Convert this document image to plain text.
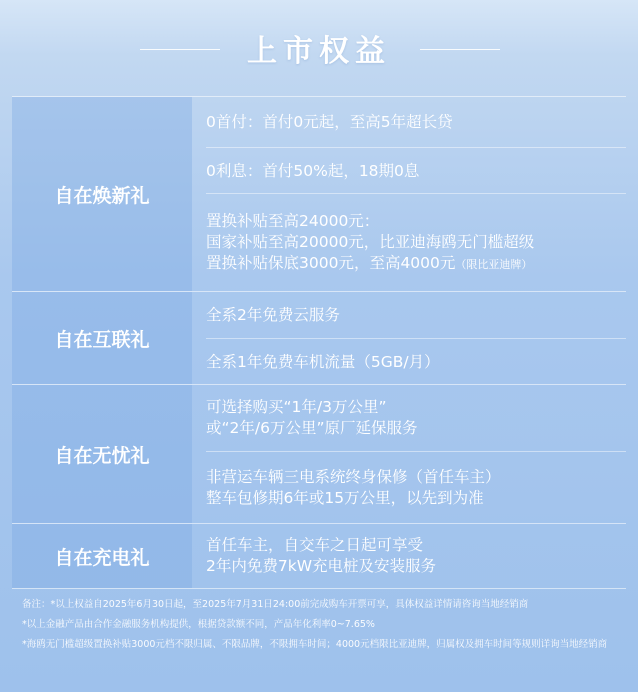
上市权益
自在焕新礼
0首付：首付0元起，至高5年超长贷
0利息：首付50%起，18期0息
置换补贴至高24000元：
国家补贴至高20000元，比亚迪海鸥无门槛超级
置换补贴保底3000元，至高4000元（限比亚迪牌）
自在互联礼
全系2年免费云服务
全系1年免费车机流量（5GB/月）
自在无忧礼
可选择购买“1年/3万公里”
或“2年/6万公里”原厂延保服务
非营运车辆三电系统终身保修（首任车主）
整车包修期6年或15万公里，以先到为准
自在充电礼
首任车主，自交车之日起可享受
2年内免费7kW充电桩及安装服务

备注：*以上权益自2025年6月30日起，至2025年7月31日24:00前完成购车开票可享，具体权益详情请咨询当地经销商

*以上金融产品由合作金融服务机构提供，根据贷款额不同，产品年化利率0~7.65%

*海鸥无门槛超级置换补贴3000元档不限归属、不限品牌，不限拥车时间；4000元档限比亚迪牌，归属权及拥车时间等规则详询当地经销商
